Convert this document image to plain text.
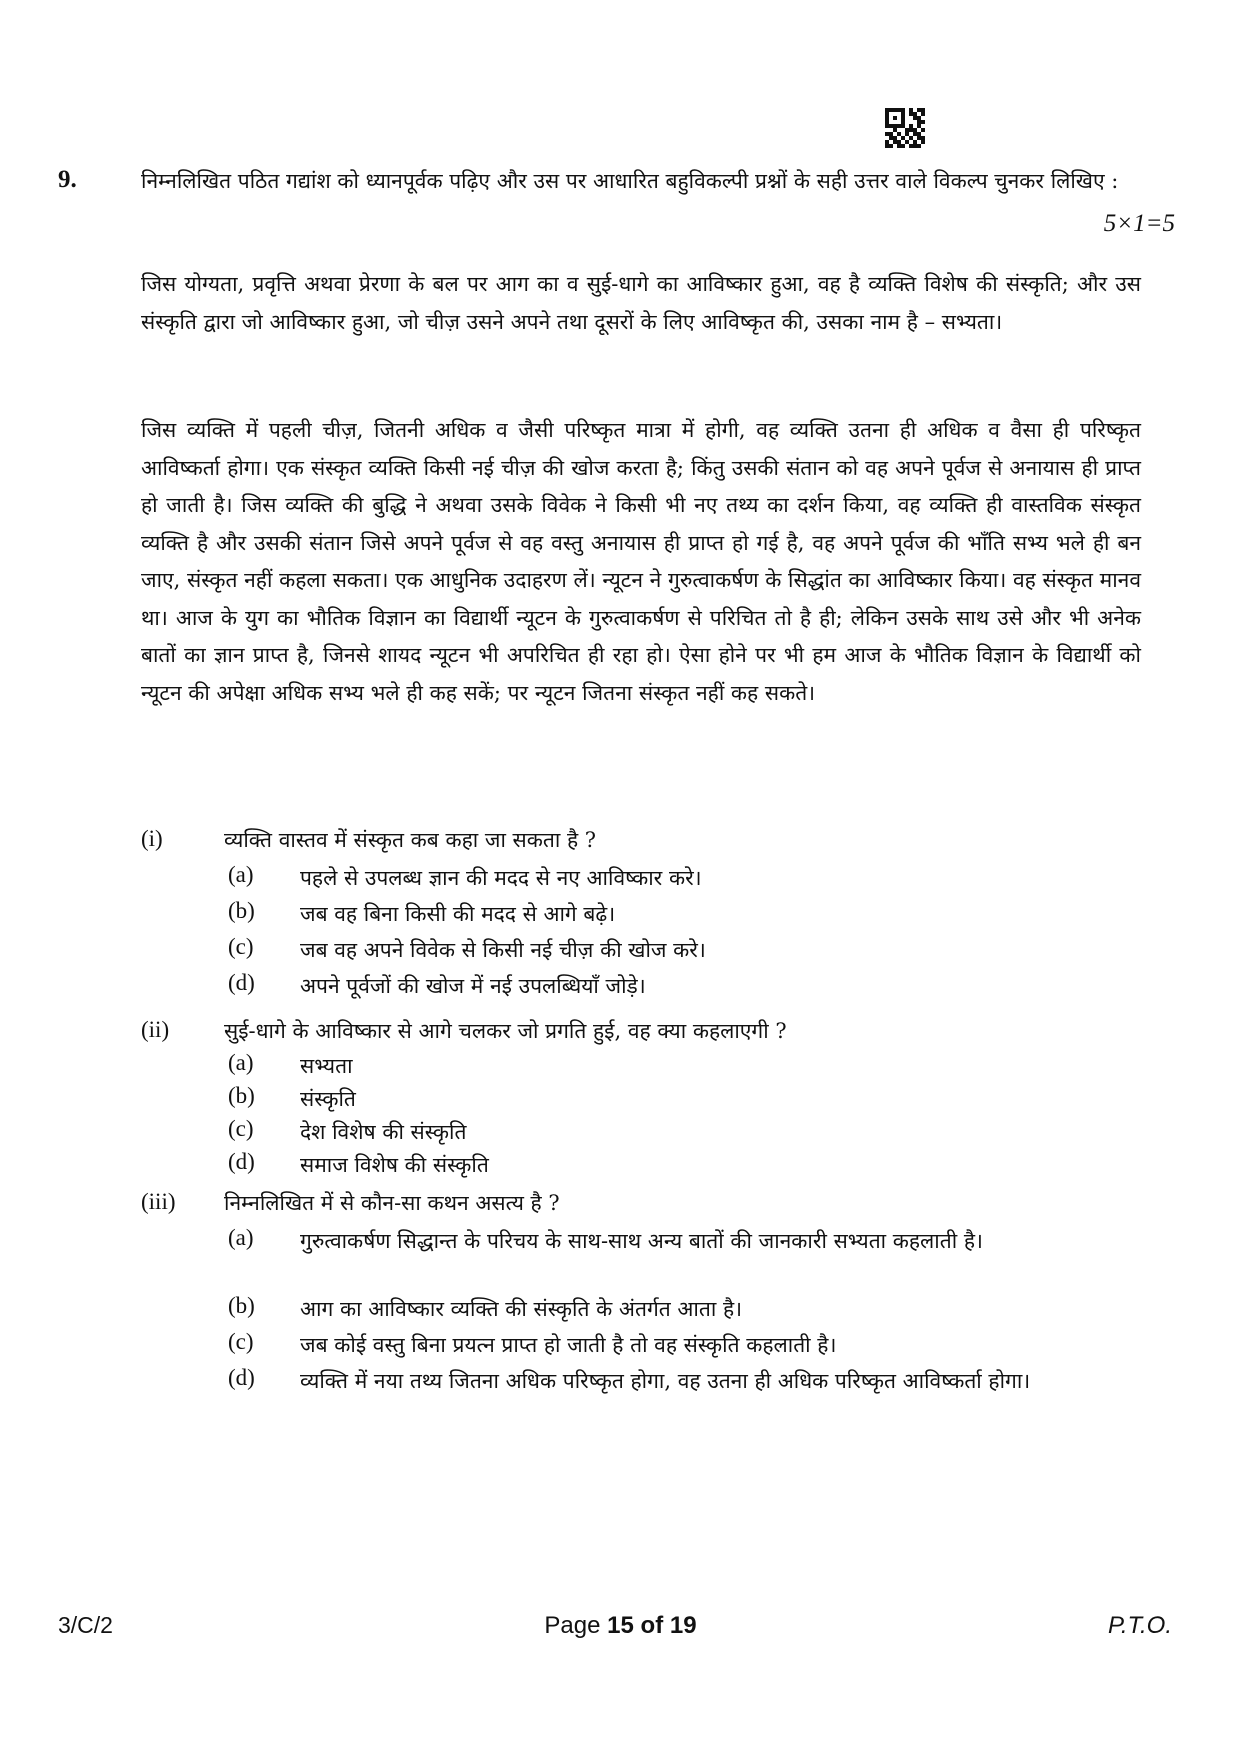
9.	निम्नलिखित पठित गद्यांश को ध्यानपूर्वक पढ़िए और उस पर आधारित बहुविकल्पी प्रश्नों के सही उत्तर वाले विकल्प चुनकर लिखिए :
5×1=5
जिस योग्यता, प्रवृत्ति अथवा प्रेरणा के बल पर आग का व सुई-धागे का आविष्कार हुआ, वह है व्यक्ति विशेष की संस्कृति; और उस संस्कृति द्वारा जो आविष्कार हुआ, जो चीज़ उसने अपने तथा दूसरों के लिए आविष्कृत की, उसका नाम है – सभ्यता।
जिस व्यक्ति में पहली चीज़, जितनी अधिक व जैसी परिष्कृत मात्रा में होगी, वह व्यक्ति उतना ही अधिक व वैसा ही परिष्कृत आविष्कर्ता होगा। एक संस्कृत व्यक्ति किसी नई चीज़ की खोज करता है; किंतु उसकी संतान को वह अपने पूर्वज से अनायास ही प्राप्त हो जाती है। जिस व्यक्ति की बुद्धि ने अथवा उसके विवेक ने किसी भी नए तथ्य का दर्शन किया, वह व्यक्ति ही वास्तविक संस्कृत व्यक्ति है और उसकी संतान जिसे अपने पूर्वज से वह वस्तु अनायास ही प्राप्त हो गई है, वह अपने पूर्वज की भाँति सभ्य भले ही बन जाए, संस्कृत नहीं कहला सकता। एक आधुनिक उदाहरण लें। न्यूटन ने गुरुत्वाकर्षण के सिद्धांत का आविष्कार किया। वह संस्कृत मानव था। आज के युग का भौतिक विज्ञान का विद्यार्थी न्यूटन के गुरुत्वाकर्षण से परिचित तो है ही; लेकिन उसके साथ उसे और भी अनेक बातों का ज्ञान प्राप्त है, जिनसे शायद न्यूटन भी अपरिचित ही रहा हो। ऐसा होने पर भी हम आज के भौतिक विज्ञान के विद्यार्थी को न्यूटन की अपेक्षा अधिक सभ्य भले ही कह सकें; पर न्यूटन जितना संस्कृत नहीं कह सकते।
(i)	व्यक्ति वास्तव में संस्कृत कब कहा जा सकता है ?
(a) पहले से उपलब्ध ज्ञान की मदद से नए आविष्कार करे।
(b) जब वह बिना किसी की मदद से आगे बढ़े।
(c) जब वह अपने विवेक से किसी नई चीज़ की खोज करे।
(d) अपने पूर्वजों की खोज में नई उपलब्धियाँ जोड़े।
(ii)	सुई-धागे के आविष्कार से आगे चलकर जो प्रगति हुई, वह क्या कहलाएगी ?
(a) सभ्यता
(b) संस्कृति
(c) देश विशेष की संस्कृति
(d) समाज विशेष की संस्कृति
(iii) निम्नलिखित में से कौन-सा कथन असत्य है ?
(a) गुरुत्वाकर्षण सिद्धान्त के परिचय के साथ-साथ अन्य बातों की जानकारी सभ्यता कहलाती है।
(b) आग का आविष्कार व्यक्ति की संस्कृति के अंतर्गत आता है।
(c) जब कोई वस्तु बिना प्रयत्न प्राप्त हो जाती है तो वह संस्कृति कहलाती है।
(d) व्यक्ति में नया तथ्य जितना अधिक परिष्कृत होगा, वह उतना ही अधिक परिष्कृत आविष्कर्ता होगा।
3/C/2	Page 15 of 19	P.T.O.
